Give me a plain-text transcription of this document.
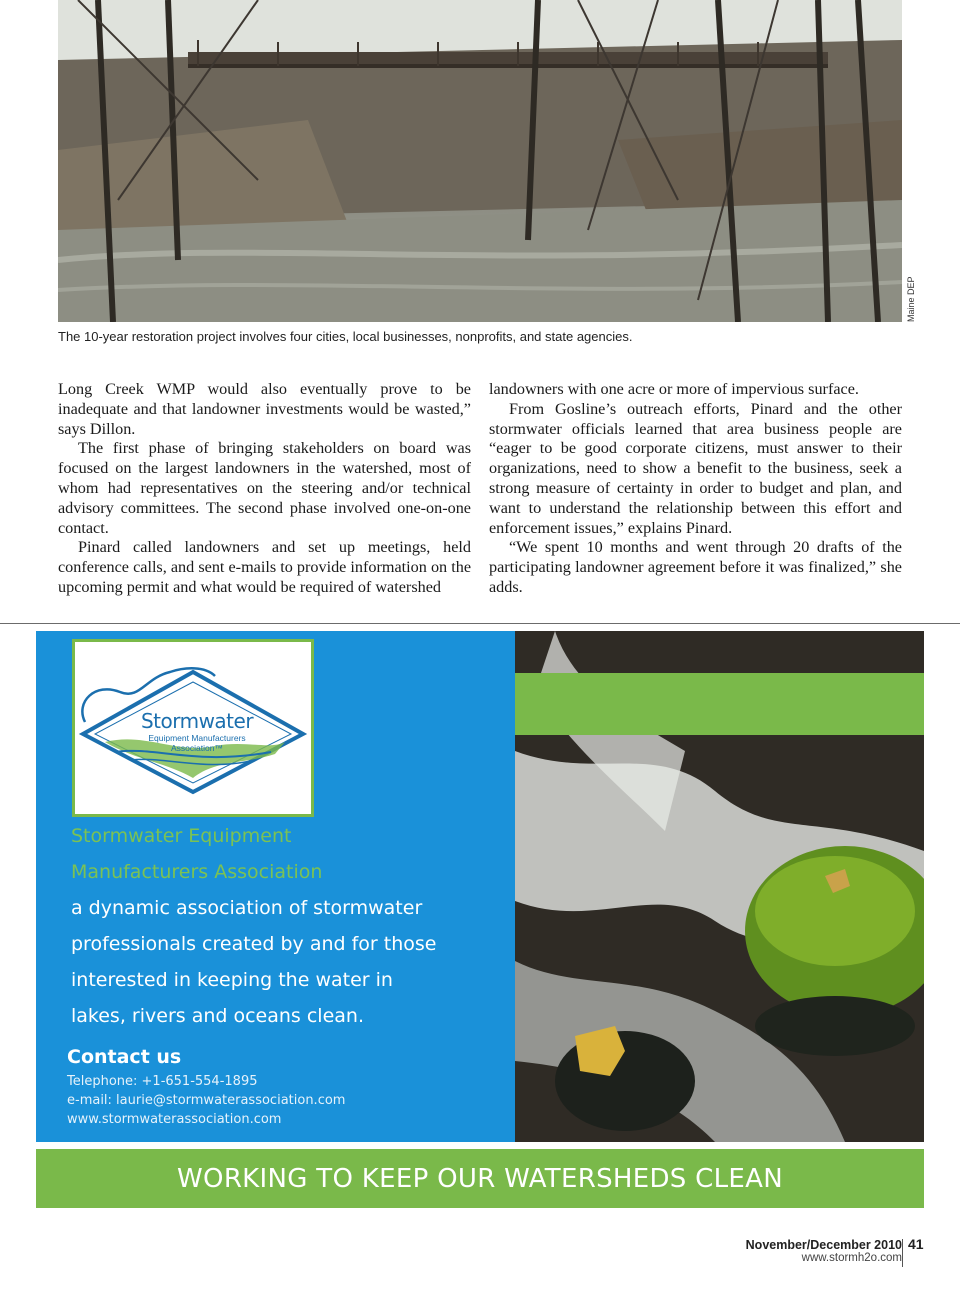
Maine DEP
The 10-year restoration project involves four cities, local businesses, nonprofits, and state agencies.

Long Creek WMP would also eventually prove to be inadequate and that landowner investments would be wasted,” says Dillon.

The first phase of bringing stakeholders on board was focused on the largest landowners in the watershed, most of whom had representatives on the steering and/or technical advisory committees. The second phase involved one-on-one contact.

Pinard called landowners and set up meetings, held conference calls, and sent e-mails to provide information on the upcoming permit and what would be required of watershed

landowners with one acre or more of impervious surface.

From Gosline’s outreach efforts, Pinard and the other stormwater officials learned that area business people are “eager to be good corporate citizens, must answer to their organizations, need to show a benefit to the business, seek a strong measure of certainty in order to budget and plan, and want to understand the relationship between this effort and enforcement issues,” explains Pinard.

“We spent 10 months and went through 20 drafts of the participating landowner agreement before it was finalized,” she adds.

Stormwater
Equipment Manufacturers
Association™
Stormwater Equipment
Manufacturers Association
a dynamic association of stormwater
professionals created by and for those
interested in keeping the water in
lakes, rivers and oceans clean.
Contact us
Telephone: +1-651-554-1895
e-mail: laurie@stormwaterassociation.com
www.stormwaterassociation.com
WORKING TO KEEP OUR WATERSHEDS CLEAN
November/December 2010
www.stormh2o.com
41
